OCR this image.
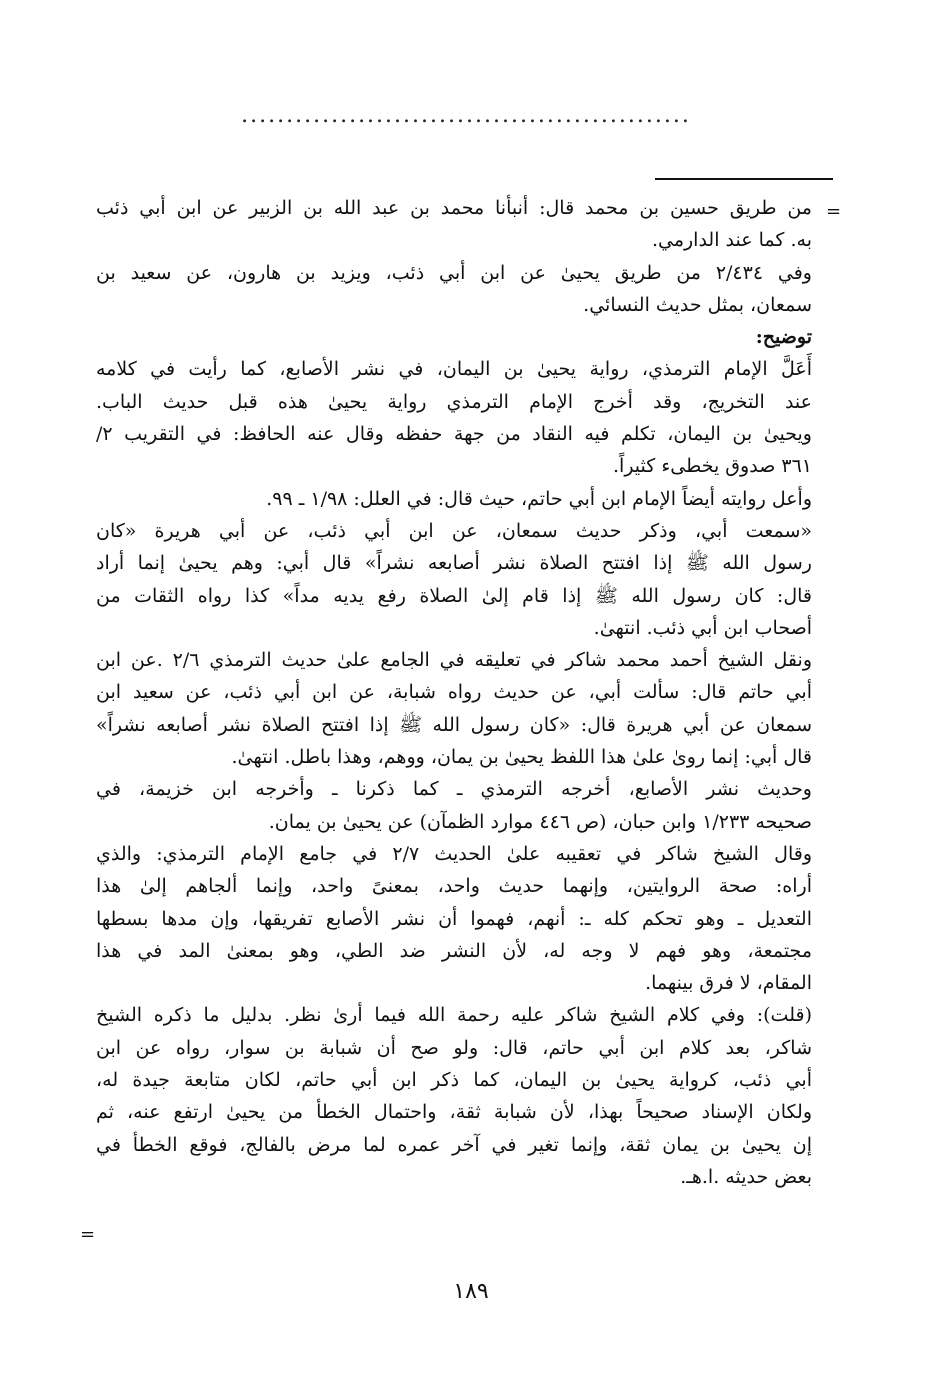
..................................................
=
من طريق حسين بن محمد قال: أنبأنا محمد بن عبد الله بن الزبير عن ابن أبي ذئب
به. كما عند الدارمي.
وفي ٢/٤٣٤ من طريق يحيىٰ عن ابن أبي ذئب، ويزيد بن هارون، عن سعيد بن
سمعان، بمثل حديث النسائي.
توضيح:
أَعَلَّ الإمام الترمذي، رواية يحيىٰ بن اليمان، في نشر الأصابع، كما رأيت في كلامه
عند التخريج، وقد أخرج الإمام الترمذي رواية يحيىٰ هذه قبل حديث الباب.
ويحيىٰ بن اليمان، تكلم فيه النقاد من جهة حفظه وقال عنه الحافظ: في التقريب ٢/
٣٦١ صدوق يخطىء كثيراً.
وأعل روايته أيضاً الإمام ابن أبي حاتم، حيث قال: في العلل: ١/٩٨ ـ ٩٩.
«سمعت أبي، وذكر حديث سمعان، عن ابن أبي ذئب، عن أبي هريرة «كان
رسول الله ﷺ إذا افتتح الصلاة نشر أصابعه نشراً» قال أبي: وهم يحيىٰ إنما أراد
قال: كان رسول الله ﷺ إذا قام إلىٰ الصلاة رفع يديه مداً» كذا رواه الثقات من
أصحاب ابن أبي ذئب. انتهىٰ.
ونقل الشيخ أحمد محمد شاكر في تعليقه في الجامع علىٰ حديث الترمذي ٢/٦ .عن ابن
أبي حاتم قال: سألت أبي، عن حديث رواه شبابة، عن ابن أبي ذئب، عن سعيد ابن
سمعان عن أبي هريرة قال: «كان رسول الله ﷺ إذا افتتح الصلاة نشر أصابعه نشراً»
قال أبي: إنما روىٰ علىٰ هذا اللفظ يحيىٰ بن يمان، ووهم، وهذا باطل. انتهىٰ.
وحديث نشر الأصابع، أخرجه الترمذي ـ كما ذكرنا ـ وأخرجه ابن خزيمة، في
صحيحه ١/٢٣٣ وابن حبان، (ص ٤٤٦ موارد الظمآن) عن يحيىٰ بن يمان.
وقال الشيخ شاكر في تعقيبه علىٰ الحديث ٢/٧ في جامع الإمام الترمذي: والذي
أراه: صحة الروايتين، وإنهما حديث واحد، بمعنىً واحد، وإنما ألجاهم إلىٰ هذا
التعديل ـ وهو تحكم كله ـ: أنهم، فهموا أن نشر الأصابع تفريقها، وإن مدها بسطها
مجتمعة، وهو فهم لا وجه له، لأن النشر ضد الطي، وهو بمعنىٰ المد في هذا
المقام، لا فرق بينهما.
(قلت): وفي كلام الشيخ شاكر عليه رحمة الله فيما أرىٰ نظر. بدليل ما ذكره الشيخ
شاكر، بعد كلام ابن أبي حاتم، قال: ولو صح أن شبابة بن سوار، رواه عن ابن
أبي ذئب، كرواية يحيىٰ بن اليمان، كما ذكر ابن أبي حاتم، لكان متابعة جيدة له،
ولكان الإسناد صحيحاً بهذا، لأن شبابة ثقة، واحتمال الخطأ من يحيىٰ ارتفع عنه، ثم
إن يحيىٰ بن يمان ثقة، وإنما تغير في آخر عمره لما مرض بالفالج، فوقع الخطأ في
بعض حديثه .ا.هـ.
=
١٨٩
